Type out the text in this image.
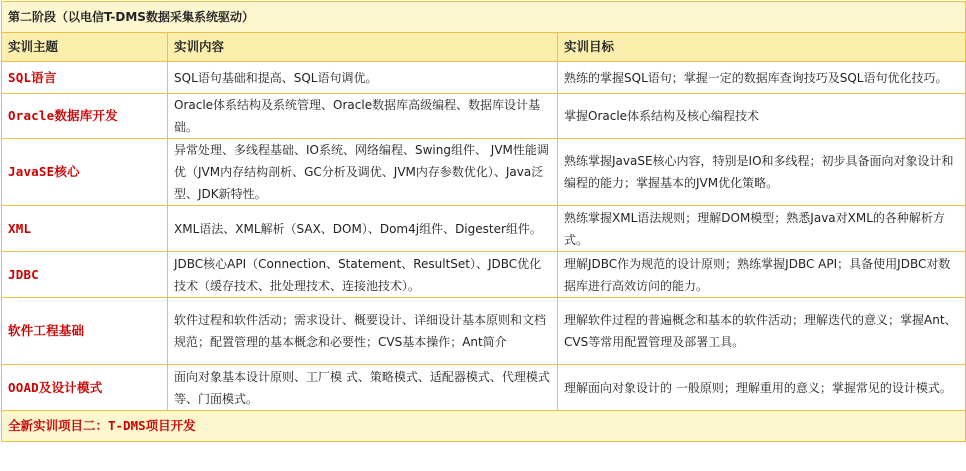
第二阶段（以电信T-DMS数据采集系统驱动）		
实训主题	实训内容	实训目标
SQL语言	SQL语句基础和提高、SQL语句调优。	熟练的掌握SQL语句；掌握一定的数据库查询技巧及SQL语句优化技巧。
Oracle数据库开发	Oracle体系结构及系统管理、Oracle数据库高级编程、数据库设计基础。	掌握Oracle体系结构及核心编程技术
JavaSE核心	异常处理、多线程基础、IO系统、网络编程、Swing组件、 JVM性能调优（JVM内存结构剖析、GC分析及调优、JVM内存参数优化）、Java泛型、JDK新特性。	熟练掌握JavaSE核心内容，特别是IO和多线程；初步具备面向对象设计和编程的能力；掌握基本的JVM优化策略。
XML	XML语法、XML解析（SAX、DOM）、Dom4j组件、Digester组件。	熟练掌握XML语法规则；理解DOM模型；熟悉Java对XML的各种解析方式。
JDBC	JDBC核心API（Connection、Statement、ResultSet）、JDBC优化技术（缓存技术、批处理技术、连接池技术）。	理解JDBC作为规范的设计原则；熟练掌握JDBC API；具备使用JDBC对数据库进行高效访问的能力。
软件工程基础	软件过程和软件活动；需求设计、概要设计、详细设计基本原则和文档规范；配置管理的基本概念和必要性；CVS基本操作；Ant简介	理解软件过程的普遍概念和基本的软件活动；理解迭代的意义；掌握Ant、CVS等常用配置管理及部署工具。
OOAD及设计模式	面向对象基本设计原则、工厂模 式、策略模式、适配器模式、代理模式等、门面模式。	理解面向对象设计的 一般原则；理解重用的意义；掌握常见的设计模式。
全新实训项目二：T-DMS项目开发		
